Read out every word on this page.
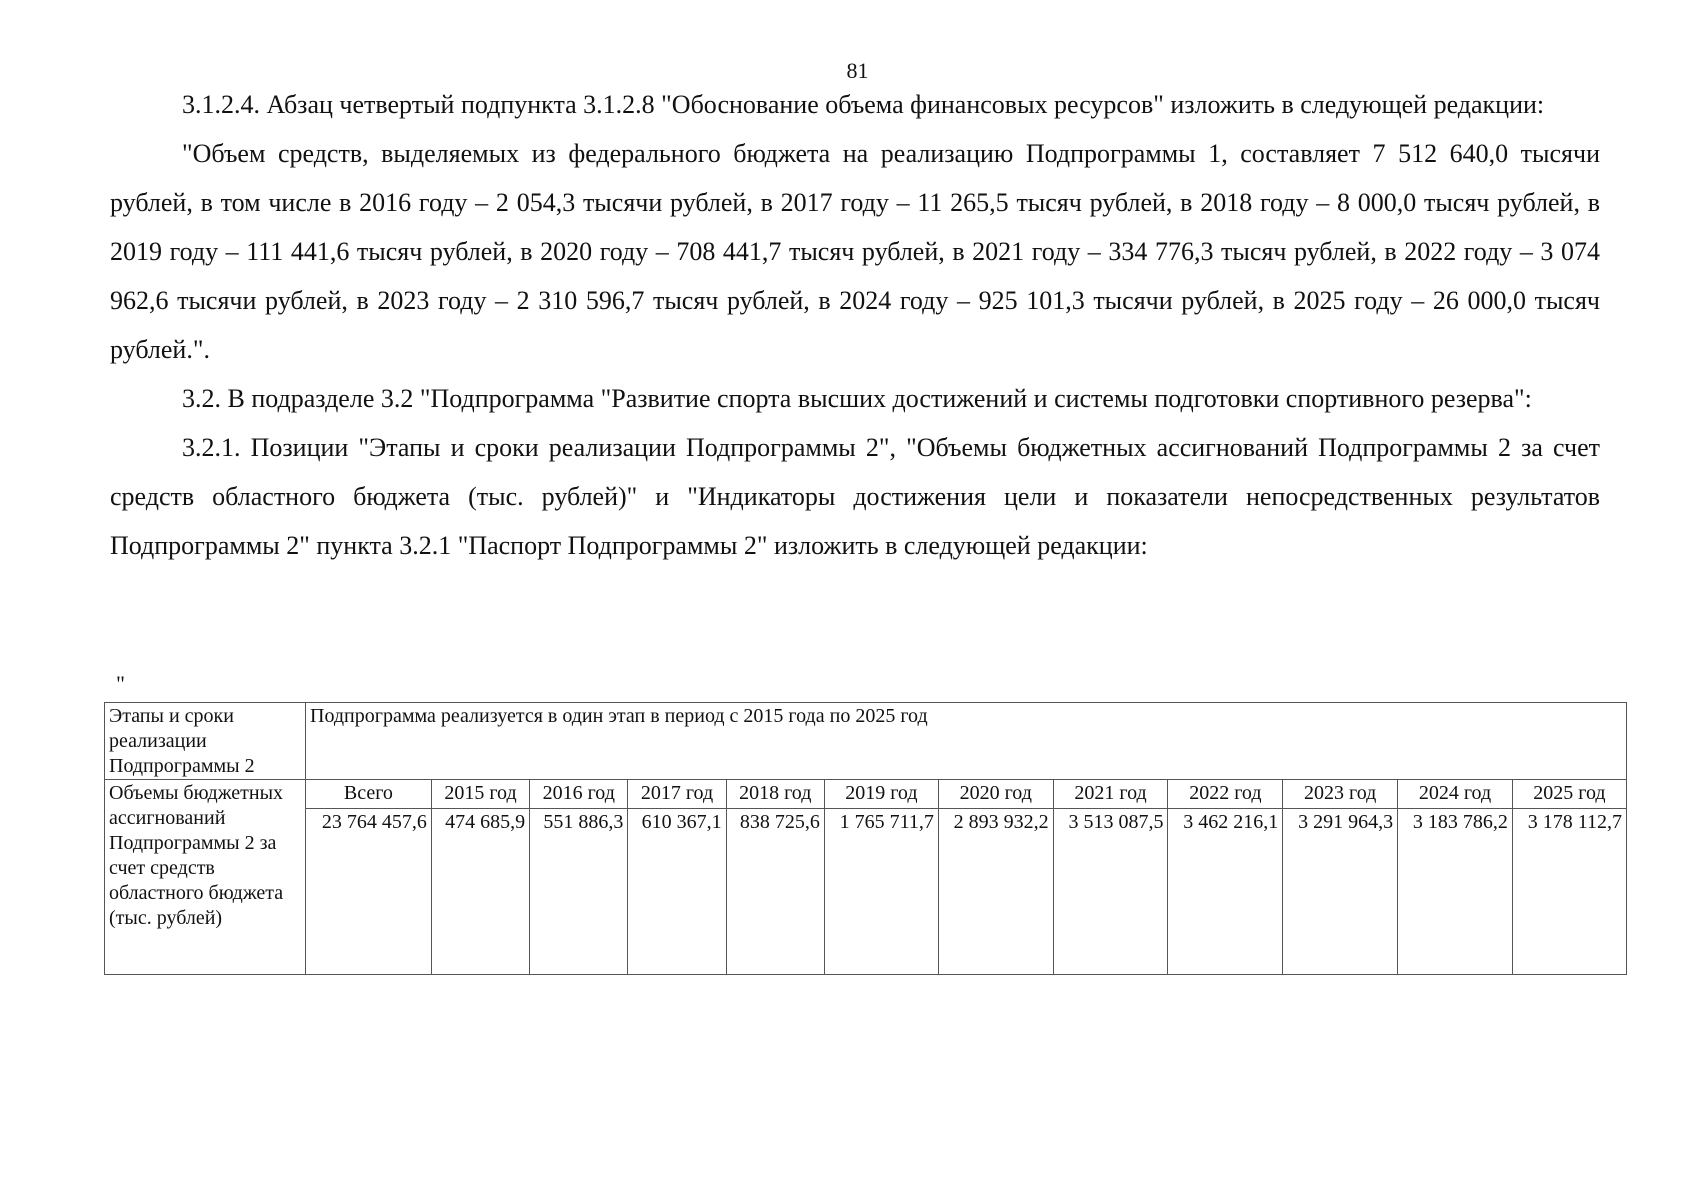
81

3.1.2.4. Абзац четвертый подпункта 3.1.2.8 "Обоснование объема финансовых ресурсов" изложить в следующей редакции:

"Объем средств, выделяемых из федерального бюджета на реализацию Подпрограммы 1, составляет 7 512 640,0 тысячи рублей, в том числе в 2016 году – 2 054,3 тысячи рублей, в 2017 году – 11 265,5 тысяч рублей, в 2018 году – 8 000,0 тысяч рублей, в 2019 году – 111 441,6 тысяч рублей, в 2020 году – 708 441,7 тысяч рублей, в 2021 году – 334 776,3 тысяч рублей, в 2022 году – 3 074 962,6 тысячи рублей, в 2023 году – 2 310 596,7 тысяч рублей, в 2024 году – 925 101,3 тысячи рублей, в 2025 году – 26 000,0 тысяч рублей.".

3.2. В подразделе 3.2 "Подпрограмма "Развитие спорта высших достижений и системы подготовки спортивного резерва":

3.2.1. Позиции "Этапы и сроки реализации Подпрограммы 2", "Объемы бюджетных ассигнований Подпрограммы 2 за счет средств областного бюджета (тыс. рублей)" и "Индикаторы достижения цели и показатели непосредственных результатов Подпрограммы 2" пункта 3.2.1 "Паспорт Подпрограммы 2" изложить в следующей редакции:

"
Этапы и сроки реализации Подпрограммы 2	Подпрограмма реализуется в один этап в период с 2015 года по 2025 год											
Объемы бюджетных ассигнований Подпрограммы 2 за счет средств областного бюджета (тыс. рублей)	Всего	2015 год	2016 год	2017 год	2018 год	2019 год	2020 год	2021 год	2022 год	2023 год	2024 год	2025 год
	23 764 457,6	474 685,9	551 886,3	610 367,1	838 725,6	1 765 711,7	2 893 932,2	3 513 087,5	3 462 216,1	3 291 964,3	3 183 786,2	3 178 112,7
